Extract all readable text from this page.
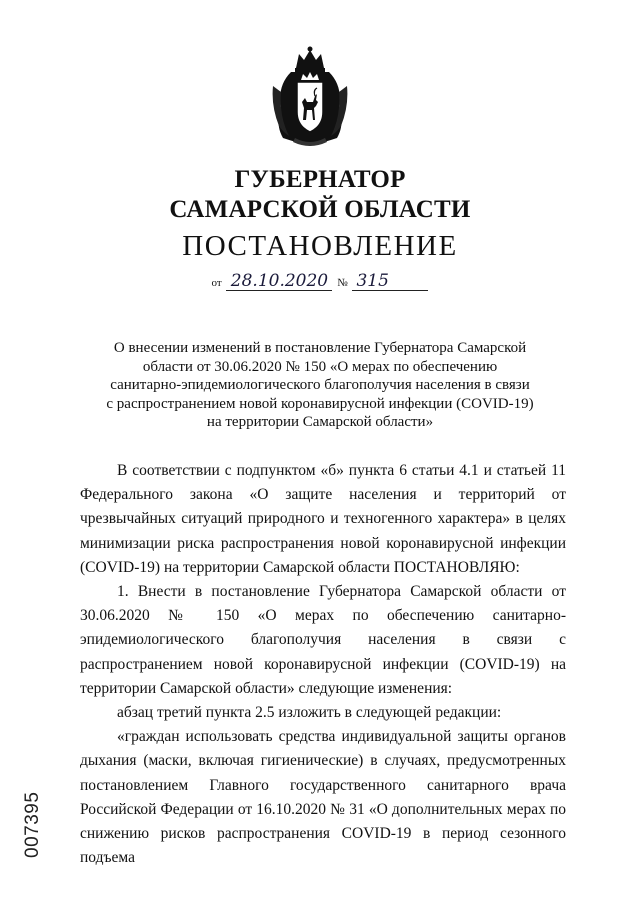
ГУБЕРНАТОР
САМАРСКОЙ ОБЛАСТИ
ПОСТАНОВЛЕНИЕ
от 28.10.2020 № 315
О внесении изменений в постановление Губернатора Самарской
области от 30.06.2020 № 150 «О мерах по обеспечению
санитарно-эпидемиологического благополучия населения в связи
с распространением новой коронавирусной инфекции (COVID-19)
на территории Самарской области»

В соответствии с подпунктом «б» пункта 6 статьи 4.1 и статьей 11 Федерального закона «О защите населения и территорий от чрезвычайных ситуаций природного и техногенного характера» в целях минимизации риска распространения новой коронавирусной инфекции (COVID-19) на территории Самарской области ПОСТАНОВЛЯЮ:

1. Внести в постановление Губернатора Самарской области от 30.06.2020 № 150 «О мерах по обеспечению санитарно-эпидемиологического благополучия населения в связи с распространением новой коронавирусной инфекции (COVID-19) на территории Самарской области» следующие изменения:

абзац третий пункта 2.5 изложить в следующей редакции:

«граждан использовать средства индивидуальной защиты органов дыхания (маски, включая гигиенические) в случаях, предусмотренных постановлением Главного государственного санитарного врача Российской Федерации от 16.10.2020 № 31 «О дополнительных мерах по снижению рисков распространения COVID-19 в период сезонного подъема

007395
